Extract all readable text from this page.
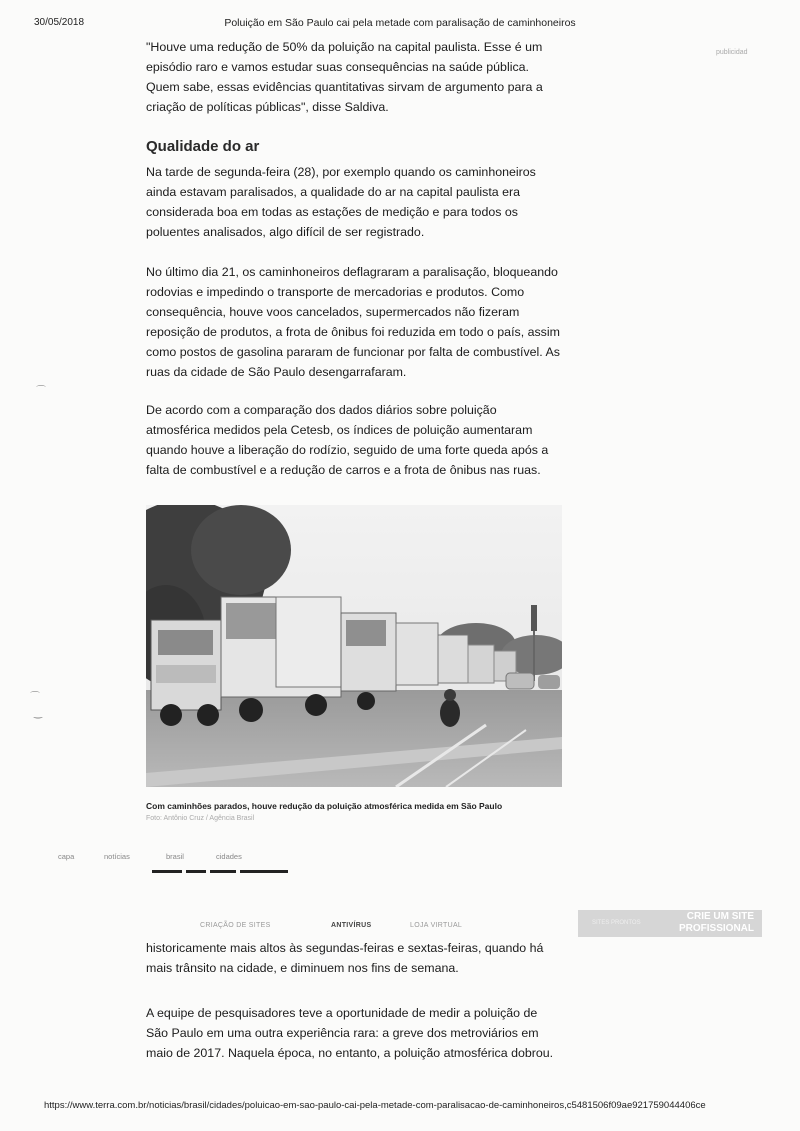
30/05/2018	Poluição em São Paulo cai pela metade com paralisação de caminhoneiros
publicidad
⌒
⌒
‿

"Houve uma redução de 50% da poluição na capital paulista. Esse é um episódio raro e vamos estudar suas consequências na saúde pública. Quem sabe, essas evidências quantitativas sirvam de argumento para a criação de políticas públicas", disse Saldiva.

Qualidade do ar

Na tarde de segunda-feira (28), por exemplo quando os caminhoneiros ainda estavam paralisados, a qualidade do ar na capital paulista era considerada boa em todas as estações de medição e para todos os poluentes analisados, algo difícil de ser registrado.

No último dia 21, os caminhoneiros deflagraram a paralisação, bloqueando rodovias e impedindo o transporte de mercadorias e produtos. Como consequência, houve voos cancelados, supermercados não fizeram reposição de produtos, a frota de ônibus foi reduzida em todo o país, assim como postos de gasolina pararam de funcionar por falta de combustível. As ruas da cidade de São Paulo desengarrafaram.

De acordo com a comparação dos dados diários sobre poluição atmosférica medidos pela Cetesb, os índices de poluição aumentaram quando houve a liberação do rodízio, seguido de uma forte queda após a falta de combustível e a redução de carros e a frota de ônibus nas ruas.

Com caminhões parados, houve redução da poluição atmosférica medida em São Paulo
Foto: Antônio Cruz / Agência Brasil
capa	notícias	brasil	cidades
CRIAÇÃO DE SITES	ANTIVÍRUS	LOJA VIRTUAL	SITES PRONTOS
CRIE UM SITE
PROFISSIONAL

historicamente mais altos às segundas-feiras e sextas-feiras, quando há mais trânsito na cidade, e diminuem nos fins de semana.

A equipe de pesquisadores teve a oportunidade de medir a poluição de São Paulo em uma outra experiência rara: a greve dos metroviários em maio de 2017. Naquela época, no entanto, a poluição atmosférica dobrou.

https://www.terra.com.br/noticias/brasil/cidades/poluicao-em-sao-paulo-cai-pela-metade-com-paralisacao-de-caminhoneiros,c5481506f09ae921759044406ce
